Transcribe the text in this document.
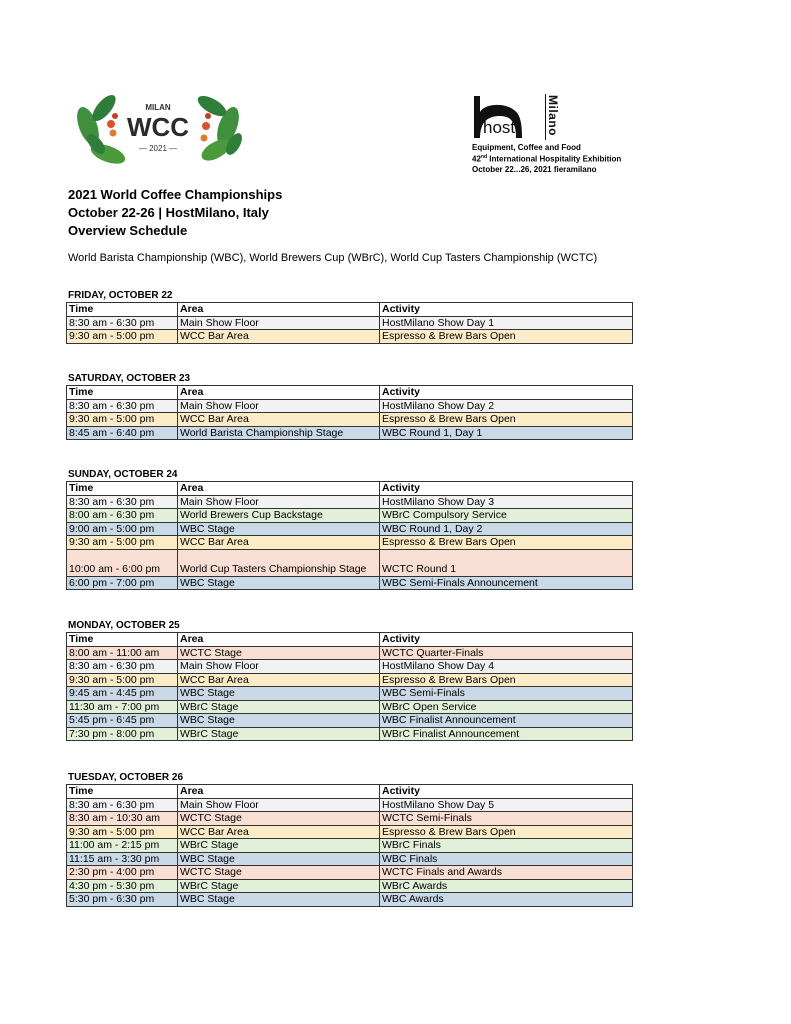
MILAN
WCC
— 2021 —
host	Milano
Equipment, Coffee and Food
42nd International Hospitality Exhibition
October 22...26, 2021 fieramilano
2021 World Coffee Championships
October 22-26 | HostMilano, Italy
Overview Schedule
World Barista Championship (WBC), World Brewers Cup (WBrC), World Cup Tasters Championship (WCTC)
FRIDAY, OCTOBER 22
Time	Area	Activity
8:30 am - 6:30 pm	Main Show Floor	HostMilano Show Day 1
9:30 am - 5:00 pm	WCC Bar Area	Espresso & Brew Bars Open
SATURDAY, OCTOBER 23
Time	Area	Activity
8:30 am - 6:30 pm	Main Show Floor	HostMilano Show Day 2
9:30 am - 5:00 pm	WCC Bar Area	Espresso & Brew Bars Open
8:45 am - 6:40 pm	World Barista Championship Stage	WBC Round 1, Day 1
SUNDAY, OCTOBER 24
Time	Area	Activity
8:30 am - 6:30 pm	Main Show Floor	HostMilano Show Day 3
8:00 am - 6:30 pm	World Brewers Cup Backstage	WBrC Compulsory Service
9:00 am - 5:00 pm	WBC Stage	WBC Round 1, Day 2
9:30 am - 5:00 pm	WCC Bar Area	Espresso & Brew Bars Open
10:00 am - 6:00 pm	World Cup Tasters Championship Stage	WCTC Round 1
6:00 pm - 7:00 pm	WBC Stage	WBC Semi-Finals Announcement
MONDAY, OCTOBER 25
Time	Area	Activity
8:00 am - 11:00 am	WCTC Stage	WCTC Quarter-Finals
8:30 am - 6:30 pm	Main Show Floor	HostMilano Show Day 4
9:30 am - 5:00 pm	WCC Bar Area	Espresso & Brew Bars Open
9:45 am - 4:45 pm	WBC Stage	WBC Semi-Finals
11:30 am - 7:00 pm	WBrC Stage	WBrC Open Service
5:45 pm - 6:45 pm	WBC Stage	WBC Finalist Announcement
7:30 pm - 8:00 pm	WBrC Stage	WBrC Finalist Announcement
TUESDAY, OCTOBER 26
Time	Area	Activity
8:30 am - 6:30 pm	Main Show Floor	HostMilano Show Day 5
8:30 am - 10:30 am	WCTC Stage	WCTC Semi-Finals
9:30 am - 5:00 pm	WCC Bar Area	Espresso & Brew Bars Open
11:00 am - 2:15 pm	WBrC Stage	WBrC Finals
11:15 am - 3:30 pm	WBC Stage	WBC Finals
2:30 pm - 4:00 pm	WCTC Stage	WCTC Finals and Awards
4:30 pm - 5:30 pm	WBrC Stage	WBrC Awards
5:30 pm - 6:30 pm	WBC Stage	WBC Awards
